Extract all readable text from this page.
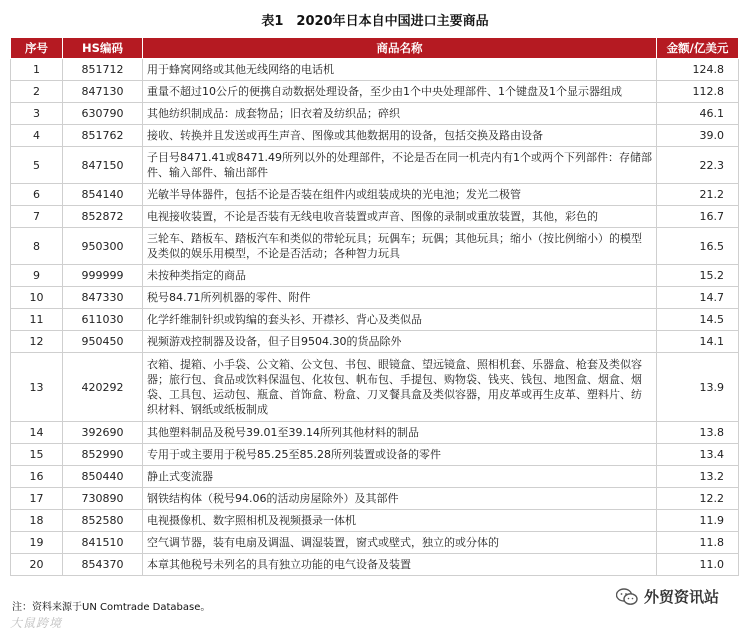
表1　2020年日本自中国进口主要商品
序号	HS编码	商品名称	金额/亿美元
1	851712	用于蜂窝网络或其他无线网络的电话机	124.8
2	847130	重量不超过10公斤的便携自动数据处理设备，至少由1个中央处理部件、1个键盘及1个显示器组成	112.8
3	630790	其他纺织制成品：成套物品；旧衣着及纺织品；碎织	46.1
4	851762	接收、转换并且发送或再生声音、图像或其他数据用的设备，包括交换及路由设备	39.0
5	847150	子目号8471.41或8471.49所列以外的处理部件，不论是否在同一机壳内有1个或两个下列部件：存储部件、输入部件、输出部件	22.3
6	854140	光敏半导体器件，包括不论是否装在组件内或组装成块的光电池；发光二极管	21.2
7	852872	电视接收装置，不论是否装有无线电收音装置或声音、图像的录制或重放装置，其他，彩色的	16.7
8	950300	三轮车、踏板车、踏板汽车和类似的带轮玩具；玩偶车；玩偶；其他玩具；缩小（按比例缩小）的模型及类似的娱乐用模型，不论是否活动；各种智力玩具	16.5
9	999999	未按种类指定的商品	15.2
10	847330	税号84.71所列机器的零件、附件	14.7
11	611030	化学纤维制针织或钩编的套头衫、开襟衫、背心及类似品	14.5
12	950450	视频游戏控制器及设备，但子目9504.30的货品除外	14.1
13	420292	衣箱、提箱、小手袋、公文箱、公文包、书包、眼镜盒、望远镜盒、照相机套、乐器盒、枪套及类似容器；旅行包、食品或饮料保温包、化妆包、帆布包、手提包、购物袋、钱夹、钱包、地图盒、烟盒、烟袋、工具包、运动包、瓶盒、首饰盒、粉盒、刀叉餐具盒及类似容器，用皮革或再生皮革、塑料片、纺织材料、钢纸或纸板制成	13.9
14	392690	其他塑料制品及税号39.01至39.14所列其他材料的制品	13.8
15	852990	专用于或主要用于税号85.25至85.28所列装置或设备的零件	13.4
16	850440	静止式变流器	13.2
17	730890	钢铁结构体（税号94.06的活动房屋除外）及其部件	12.2
18	852580	电视摄像机、数字照相机及视频摄录一体机	11.9
19	841510	空气调节器，装有电扇及调温、调湿装置，窗式或壁式，独立的或分体的	11.8
20	854370	本章其他税号未列名的具有独立功能的电气设备及装置	11.0
注：资料来源于UN Comtrade Database。
外贸资讯站
大鼠跨境
